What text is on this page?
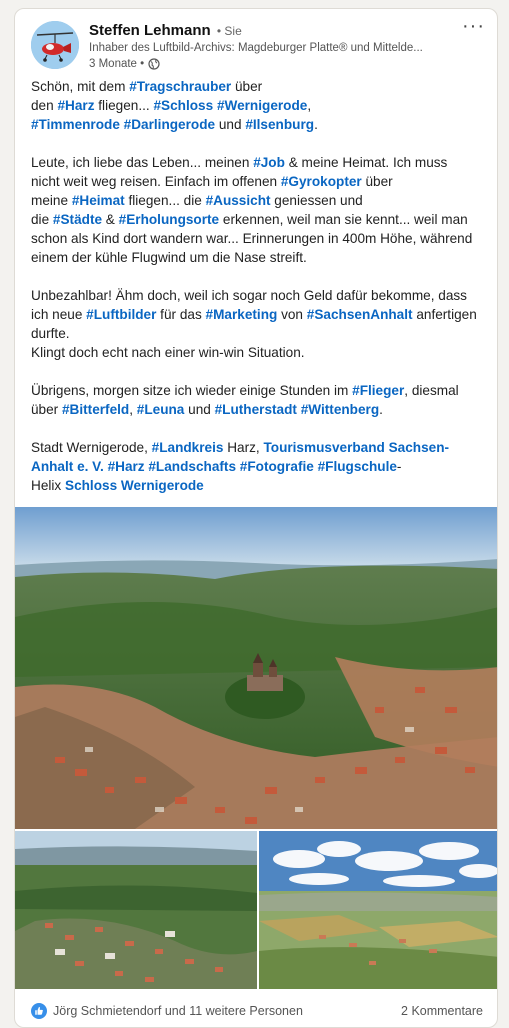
Steffen Lehmann • Sie
Inhaber des Luftbild-Archivs: Magdeburger Platte® und Mittelde...
3 Monate •
···

Schön, mit dem #Tragschrauber über
den #Harz fliegen... #Schloss #Wernigerode,
#Timmenrode #Darlingerode und #Ilsenburg.

Leute, ich liebe das Leben... meinen #Job & meine Heimat. Ich muss
nicht weit weg reisen. Einfach im offenen #Gyrokopter über
meine #Heimat fliegen... die #Aussicht geniessen und
die #Städte & #Erholungsorte erkennen, weil man sie kennt... weil man
schon als Kind dort wandern war... Erinnerungen in 400m Höhe, während
einem der kühle Flugwind um die Nase streift.

Unbezahlbar! Ähm doch, weil ich sogar noch Geld dafür bekomme, dass
ich neue #Luftbilder für das #Marketing von #SachsenAnhalt anfertigen
durfte.
Klingt doch echt nach einer win-win Situation.

Übrigens, morgen sitze ich wieder einige Stunden im #Flieger, diesmal
über #Bitterfeld, #Leuna und #Lutherstadt #Wittenberg.

Stadt Wernigerode, #Landkreis Harz, Tourismusverband Sachsen-
Anhalt e. V. #Harz #Landschafts #Fotografie #Flugschule-
Helix Schloss Wernigerode

Jörg Schmietendorf und 11 weitere Personen	2 Kommentare
